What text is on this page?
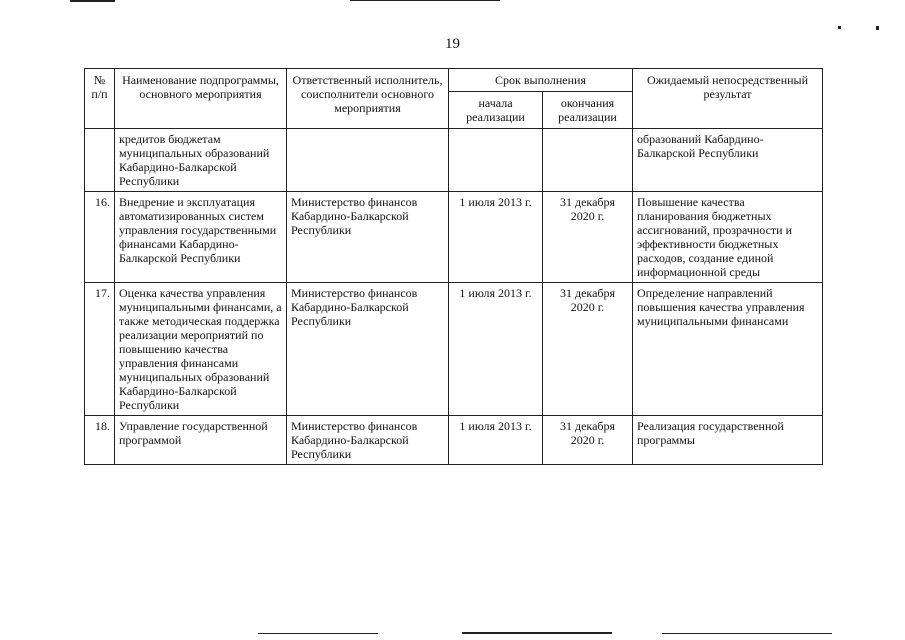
19
№ п/п	Наименование подпрограммы, основного мероприятия	Ответственный исполнитель, соисполнители основного мероприятия	Срок выполнения		Ожидаемый непосредственный результат
			начала реализации	окончания реализации	
	кредитов бюджетам муниципальных образований Кабардино-Балкарской Республики				образований Кабардино-Балкарской Республики
16.	Внедрение и эксплуатация автоматизированных систем управления государственными финансами Кабардино-Балкарской Республики	Министерство финансов Кабардино-Балкарской Республики	1 июля 2013 г.	31 декабря 2020 г.	Повышение качества планирования бюджетных ассигнований, прозрачности и эффективности бюджетных расходов, создание единой информационной среды
17.	Оценка качества управления муниципальными финансами, а также методическая поддержка реализации мероприятий по повышению качества управления финансами муниципальных образований Кабардино-Балкарской Республики	Министерство финансов Кабардино-Балкарской Республики	1 июля 2013 г.	31 декабря 2020 г.	Определение направлений повышения качества управления муниципальными финансами
18.	Управление государственной программой	Министерство финансов Кабардино-Балкарской Республики	1 июля 2013 г.	31 декабря 2020 г.	Реализация государственной программы
